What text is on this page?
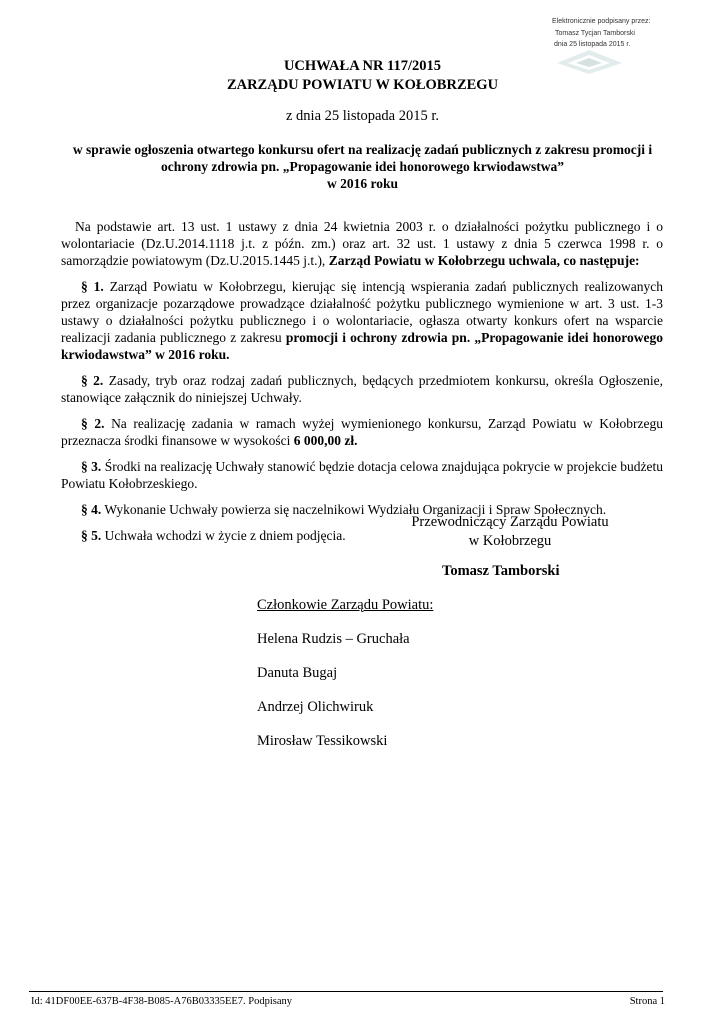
Elektronicznie podpisany przez:
Tomasz Tycjan Tamborski
dnia 25 listopada 2015 r.
UCHWAŁA NR 117/2015
ZARZĄDU POWIATU W KOŁOBRZEGU
z dnia 25 listopada 2015 r.
w sprawie ogłoszenia otwartego konkursu ofert na realizację zadań publicznych z zakresu promocji i
ochrony zdrowia pn. „Propagowanie idei honorowego krwiodawstwa”
w 2016 roku

Na podstawie art. 13 ust. 1 ustawy z dnia 24 kwietnia 2003 r. o działalności pożytku publicznego i o wolontariacie (Dz.U.2014.1118 j.t. z późn. zm.) oraz art. 32 ust. 1 ustawy z dnia 5 czerwca 1998 r. o samorządzie powiatowym (Dz.U.2015.1445 j.t.), Zarząd Powiatu w Kołobrzegu uchwala, co następuje:

§ 1. Zarząd Powiatu w Kołobrzegu, kierując się intencją wspierania zadań publicznych realizowanych przez organizacje pozarządowe prowadzące działalność pożytku publicznego wymienione w art. 3 ust. 1-3 ustawy o działalności pożytku publicznego i o wolontariacie, ogłasza otwarty konkurs ofert na wsparcie realizacji zadania publicznego z zakresu promocji i ochrony zdrowia pn. „Propagowanie idei honorowego krwiodawstwa” w 2016 roku.

§ 2. Zasady, tryb oraz rodzaj zadań publicznych, będących przedmiotem konkursu, określa Ogłoszenie, stanowiące załącznik do niniejszej Uchwały.

§ 2. Na realizację zadania w ramach wyżej wymienionego konkursu, Zarząd Powiatu w Kołobrzegu przeznacza środki finansowe w wysokości 6 000,00 zł.

§ 3. Środki na realizację Uchwały stanowić będzie dotacja celowa znajdująca pokrycie w projekcie budżetu Powiatu Kołobrzeskiego.

§ 4. Wykonanie Uchwały powierza się naczelnikowi Wydziału Organizacji i Spraw Społecznych.

§ 5. Uchwała wchodzi w życie z dniem podjęcia.

Przewodniczący Zarządu Powiatu
w Kołobrzegu
Tomasz Tamborski
Członkowie Zarządu Powiatu:
Helena Rudzis – Gruchała
Danuta Bugaj
Andrzej Olichwiruk
Mirosław Tessikowski
Id: 41DF00EE-637B-4F38-B085-A76B03335EE7. Podpisany	Strona 1
